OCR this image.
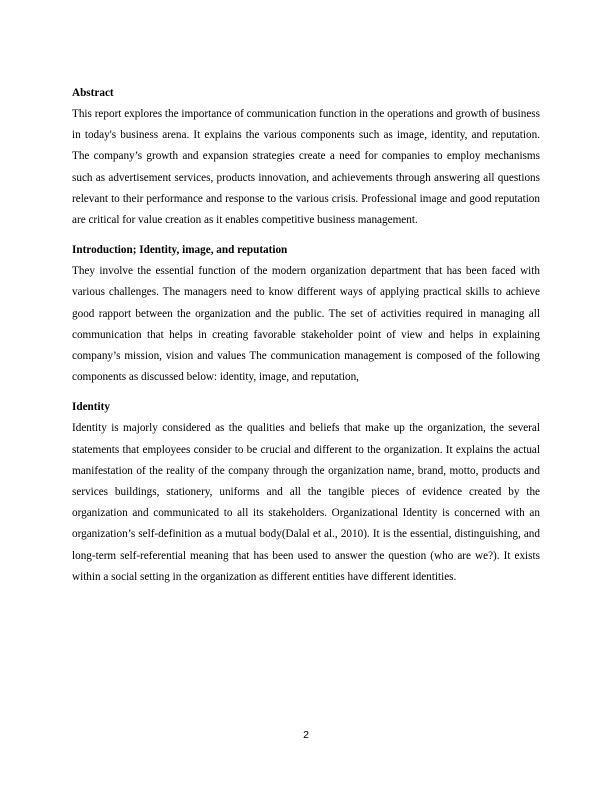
Abstract

This report explores the importance of communication function in the operations and growth of business in today's business arena. It explains the various components such as image, identity, and reputation. The company’s growth and expansion strategies create a need for companies to employ mechanisms such as advertisement services, products innovation, and achievements through answering all questions relevant to their performance and response to the various crisis. Professional image and good reputation are critical for value creation as it enables competitive business management.

Introduction; Identity, image, and reputation

They involve the essential function of the modern organization department that has been faced with various challenges. The managers need to know different ways of applying practical skills to achieve good rapport between the organization and the public. The set of activities required in managing all communication that helps in creating favorable stakeholder point of view and helps in explaining company’s mission, vision and values The communication management is composed of the following components as discussed below: identity, image, and reputation,

Identity

Identity is majorly considered as the qualities and beliefs that make up the organization, the several statements that employees consider to be crucial and different to the organization. It explains the actual manifestation of the reality of the company through the organization name, brand, motto, products and services buildings, stationery, uniforms and all the tangible pieces of evidence created by the organization and communicated to all its stakeholders. Organizational Identity is concerned with an organization’s self-definition as a mutual body(Dalal et al., 2010). It is the essential, distinguishing, and long-term self-referential meaning that has been used to answer the question (who are we?). It exists within a social setting in the organization as different entities have different identities.

2
